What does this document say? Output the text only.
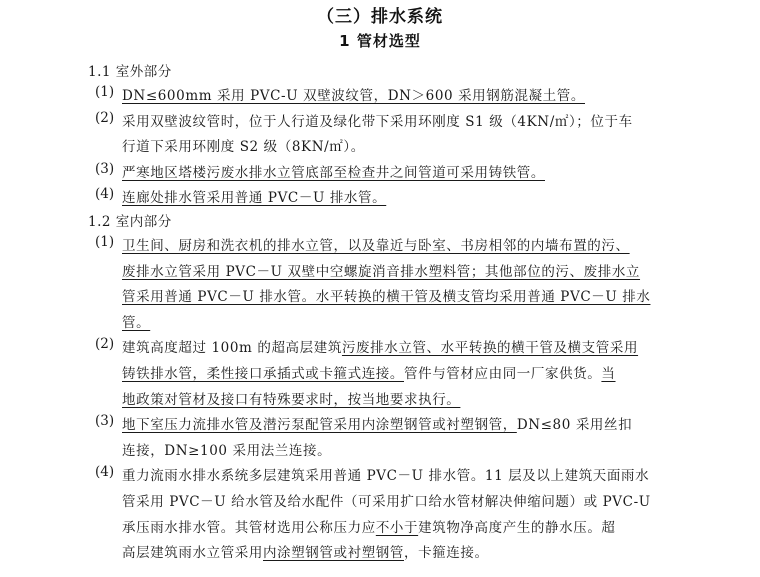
（三）排水系统
1 管材选型
1.1 室外部分
(1) DN≤600mm 采用 PVC-U 双壁波纹管，DN＞600 采用钢筋混凝土管。
(2) 采用双壁波纹管时，位于人行道及绿化带下采用环刚度 S1 级（4KN/㎡）；位于车
行道下采用环刚度 S2 级（8KN/㎡）。
(3) 严寒地区塔楼污废水排水立管底部至检查井之间管道可采用铸铁管。
(4) 连廊处排水管采用普通 PVC－U 排水管。
1.2 室内部分
(1) 卫生间、厨房和洗衣机的排水立管，以及靠近与卧室、书房相邻的内墙布置的污、
废排水立管采用 PVC－U 双壁中空螺旋消音排水塑料管；其他部位的污、废排水立
管采用普通 PVC－U 排水管。水平转换的横干管及横支管均采用普通 PVC－U 排水
管。
(2) 建筑高度超过 100m 的超高层建筑污废排水立管、水平转换的横干管及横支管采用
铸铁排水管，柔性接口承插式或卡箍式连接。管件与管材应由同一厂家供货。当
地政策对管材及接口有特殊要求时，按当地要求执行。
(3) 地下室压力流排水管及潜污泵配管采用内涂塑钢管或衬塑钢管，DN≤80 采用丝扣
连接，DN≥100 采用法兰连接。
(4) 重力流雨水排水系统多层建筑采用普通 PVC－U 排水管。11 层及以上建筑天面雨水
管采用 PVC－U 给水管及给水配件（可采用扩口给水管材解决伸缩问题）或 PVC-U
承压雨水排水管。其管材选用公称压力应不小于建筑物净高度产生的静水压。超
高层建筑雨水立管采用内涂塑钢管或衬塑钢管，卡箍连接。
